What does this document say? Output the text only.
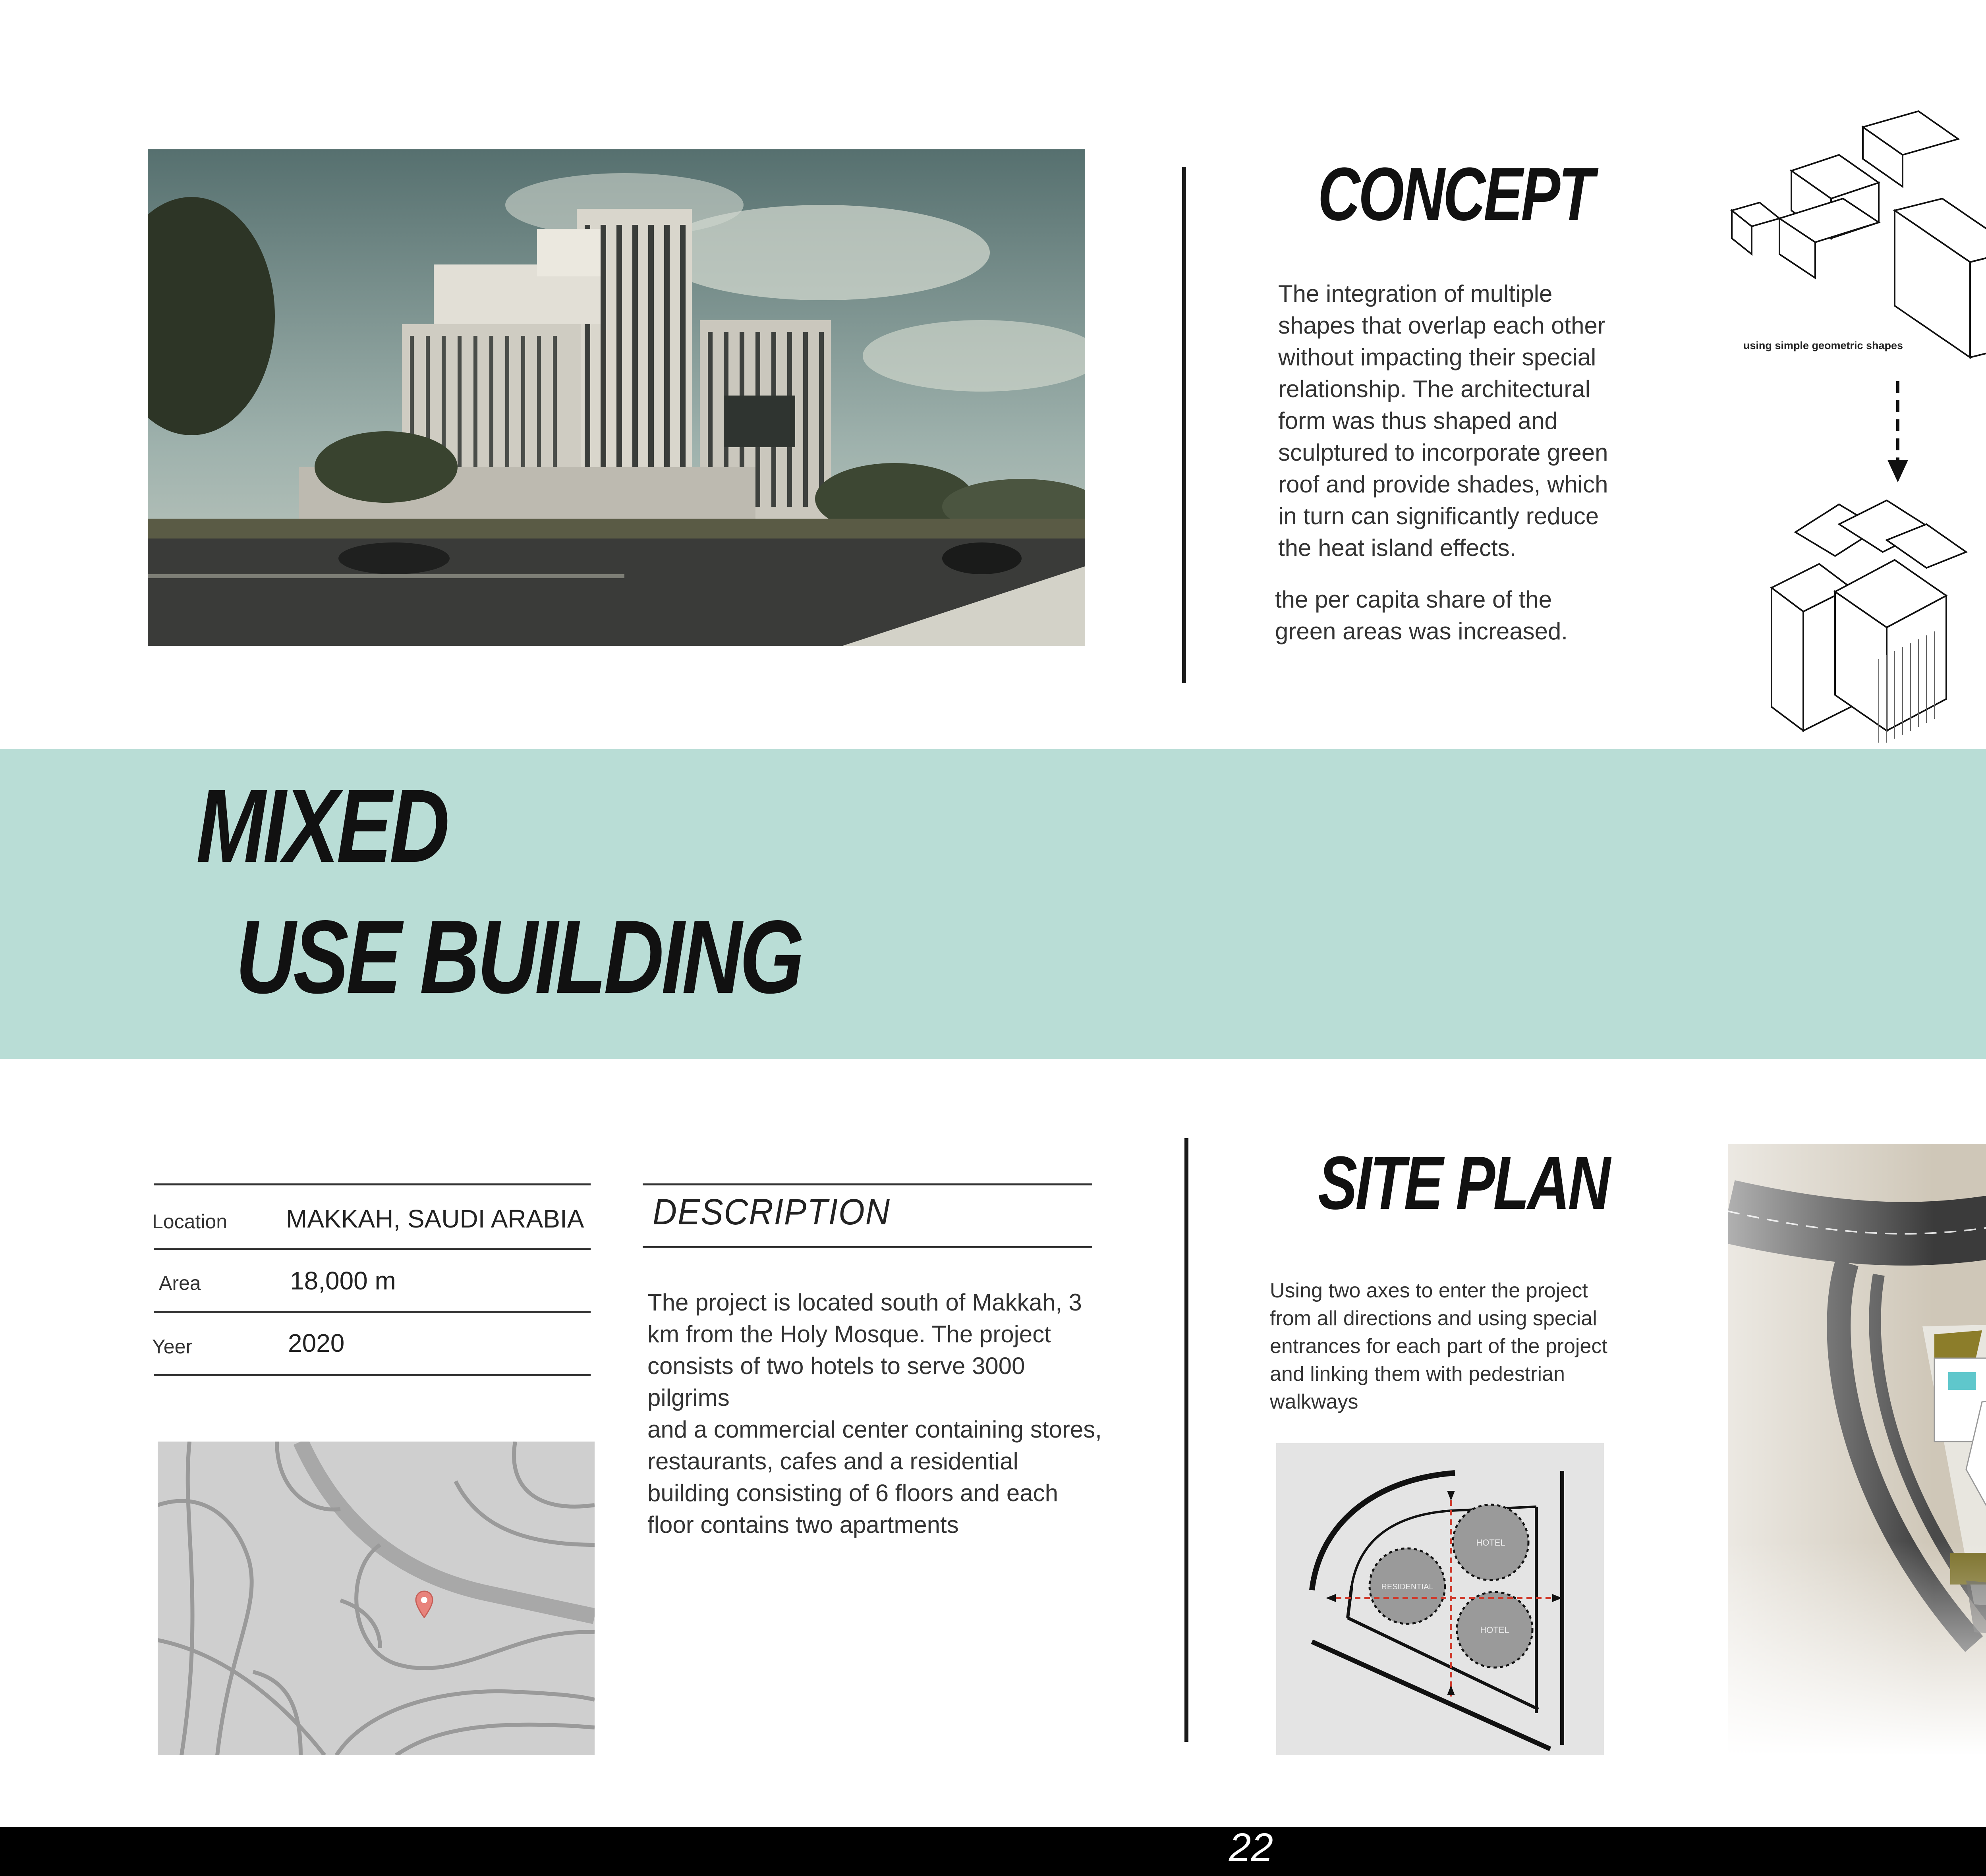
CONCEPT
The integration of multiple shapes that overlap each other without impacting their special relationship. The architectural form was thus shaped and sculptured to incorporate green roof and provide shades, which in turn can significantly reduce the heat island effects.
the per capita share of the green areas was increased.
using simple geometric shapes
MIXED
USE BUILDING
Location MAKKAH, SAUDI ARABIA
Area	18,000 m
Yeer	2020
DESCRIPTION
The project is located south of Makkah, 3 km from the Holy Mosque. The project consists of two hotels to serve 3000 pilgrims
and a commercial center containing stores, restaurants, cafes and a residential building consisting of 6 floors and each floor contains two apartments
SITE PLAN
Using two axes to enter the project from all directions and using special entrances for each part of the project and linking them with pedestrian walkways
HOTEL
RESIDENTIAL
HOTEL
22
